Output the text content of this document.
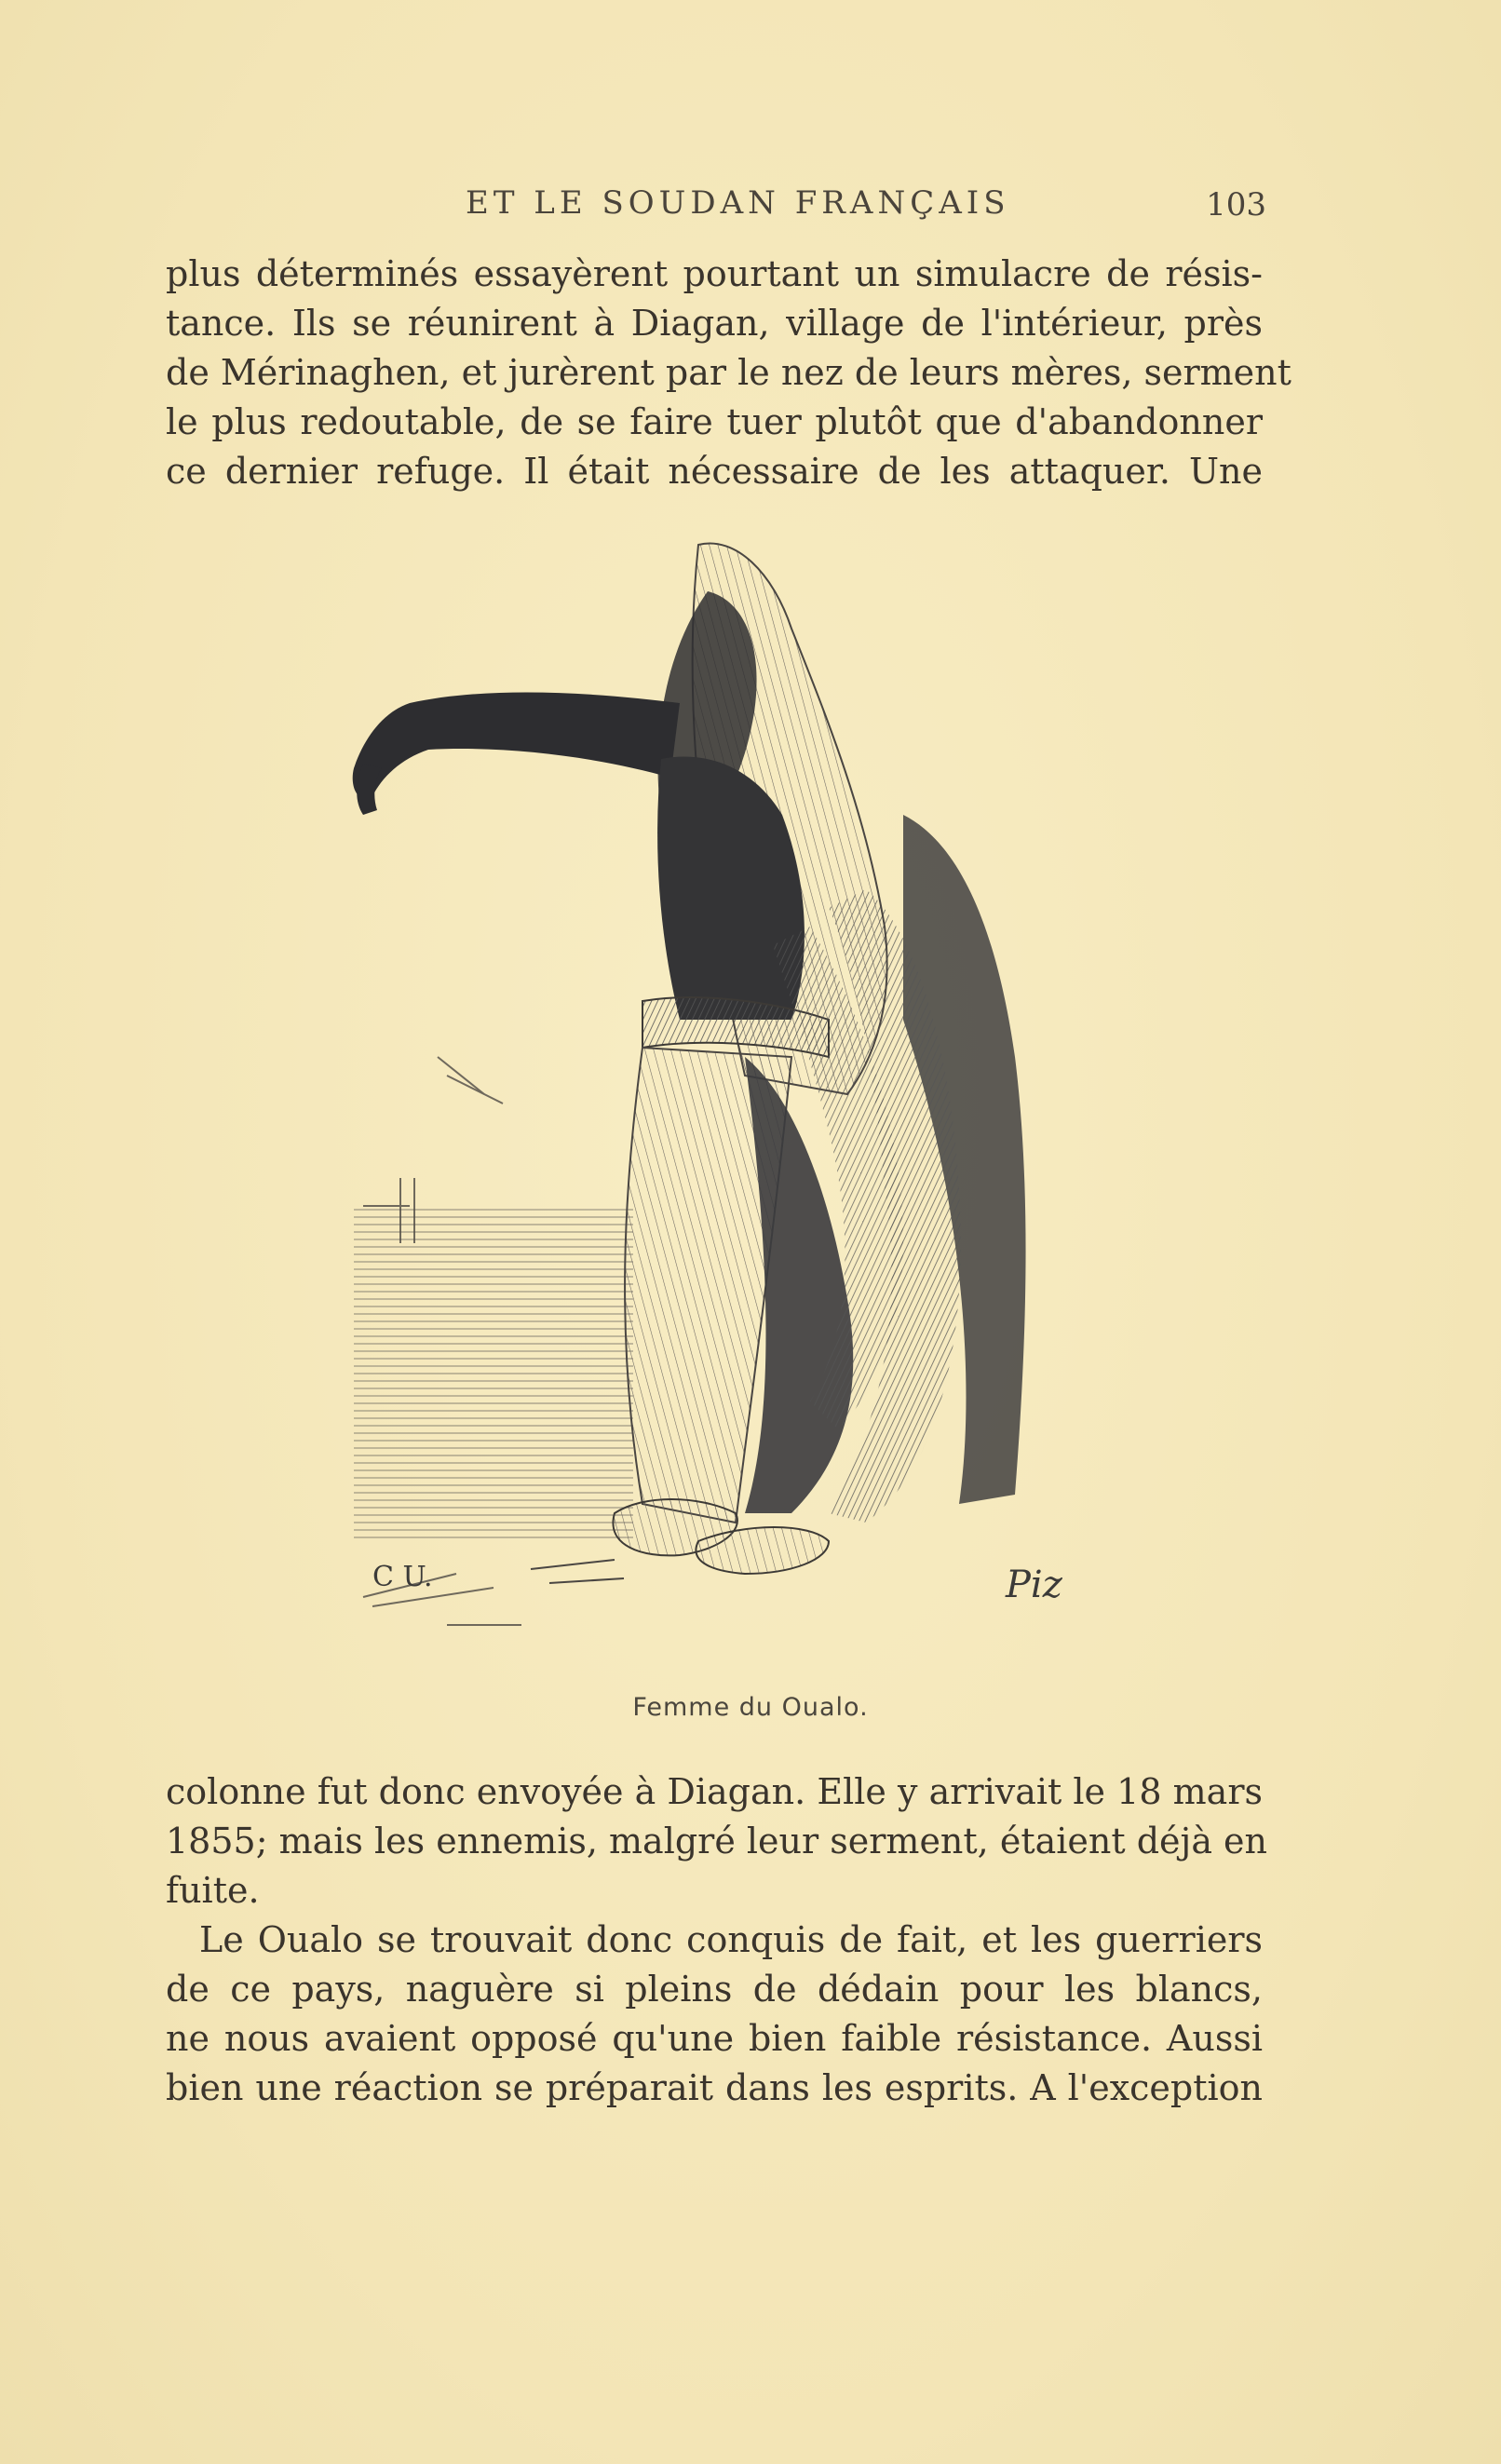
ET LE SOUDAN FRANÇAIS	103
plus déterminés essayèrent pourtant un simulacre de résis-
tance. Ils se réunirent à Diagan, village de l'intérieur, près
de Mérinaghen, et jurèrent par le nez de leurs mères, serment
le plus redoutable, de se faire tuer plutôt que d'abandonner
ce dernier refuge. Il était nécessaire de les attaquer. Une
C U.	Piz
Femme du Oualo.
colonne fut donc envoyée à Diagan. Elle y arrivait le 18 mars
1855; mais les ennemis, malgré leur serment, étaient déjà en
fuite.
Le Oualo se trouvait donc conquis de fait, et les guerriers
de ce pays, naguère si pleins de dédain pour les blancs,
ne nous avaient opposé qu'une bien faible résistance. Aussi
bien une réaction se préparait dans les esprits. A l'exception
